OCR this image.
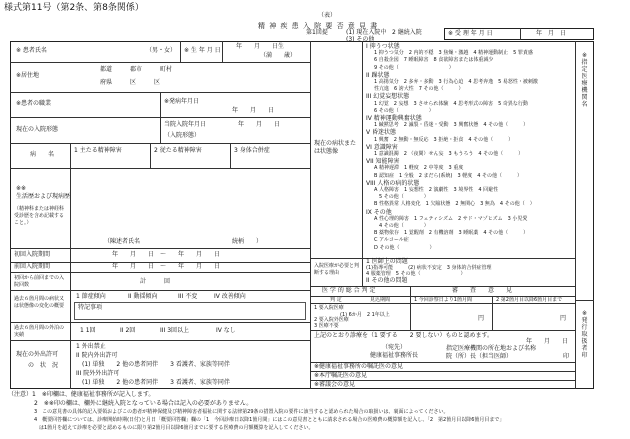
様式第11号（第2条、第8条関係）
（表）
精 神 疾 患 入 院 要 否 意 見 書
第1回提	(1) 現在入院中 2 継続入院
(3) その他
※ 受 理 年 月 日	年　月　日
※ 患者氏名	（男・女） ※ 生 年 月 日
年　　月　　日生
（満　　歳）
※居住地
都道　　　郡市　　　町村
府県　　　区　　　区
※患者の職業	※発病年月日
年　　月　　日
現在の入院形態
当院入院年月日	年　　月　　日
（入院形態）
病　　名
1 主たる精神障害	2 従たる精神障害	3 身体合併症
※※
生活歴および現病歴
（精神科または神経科受診歴を含め記載すること。）
（陳述者氏名	続柄　　）
初回入院期間	年　　月　　日　〜　　年　　月　　日
前回入院期間	年　　月　　日　〜　　年　　月　　日
初回から前回までの入院回数	計　　　回
過去６箇月間の病状又は状態像の変化の概要
1 節症傾向	II 動揺傾向	III 不変	IV 改善傾向
特記事項
過去６箇月間の外泊の実績
1 1回	II 2回	III 3回以上	IV なし
現在の外出許可
の　状　況
1 外出禁止
II 院内外出許可
(1) 単独　　2 他の患者同伴　　3 看護者、家族等同伴
III 院外外出許可
(1) 単独　　2 他の患者同伴　　3 看護者、家族等同伴
現在の病状または状態像
I 抑うつ状態
1 抑うつ気分　2 内的不穏　3 焦燥・激越　4 精神運動制止　5 罪責感
6 自殺企図　7 睡眠障害　8 食欲障害または体重減少
9 その他（　　　　　　　　　　）
II 躁状態
1 高揚気分　2 多弁・多動　3 行為心迫　4 思考奔逸　5 易怒性・被刺激
性亢進　6 誇大性　7 その他（　　　）
III 幻覚妄想状態
1 幻覚　2 妄想　3 させられ体験　4 思考形式の障害　5 奇異な行動
6 その他（　　　　　　）
IV 精神運動興奮状態
1 緘黙思考　2 滅裂・昏迷・受動　3 興奮状態　4 その他（　　　）
V 昏迷状態
1 興奮　2 無動・無反応　3 拒絶・拒食　4 その他（　　　）
VI 意識障害
1 意識混濁　2 （夜間）せん妄　3 もうろう　4 その他（　　　）
VII 知能障害
A 精神遅滞　1 軽度　2 中等度　3 重度
B 認知症　1 全般　2 まだら(系統)　3 軽度　4 その他（　　　）
VIII 人格の病的状態
A 人格障害　1 妄想性　2 演劇性　3 境界性　4 回避性
　5 その他（　　　　）
B 性格異常 人格変化　1 欠陥状態　2 無関心　3 無為　4 その他（　）
IX その他
A 性心理的障害　1 フェティシズム　2 サド・マゾヒズム　3 小児愛
　4 その他（　　　　）
B 薬物依存　1 覚醒剤　2 有機溶剤　3 睡眠薬　4 その他（　　　）
C アルコール症
D その他（　　　　　　）
入院医療が必要と判断する理由
1 医師上の問題
(1)指導可能　　　(2) 病状不安定　3 身体的合併症管理
4 服薬管理　5 その他（　　　　　　　　）
II その他の問題
医 学 的 総 合 判 定	審　　査　　意　　見
判 定	見込期間
1 要入院医療
(1) 6か月　2 1年以上
2 要入院外医療
3 医療不要
1 今回診察日より1箇月間	2 第2箇月目以降6箇月目まで
円	円
上記のとおり診療を（1 要する　　2 要しない）ものと認めます。
年　　月　　日
（宛先）
健康福祉事務所長
指定医療機関の所在地および名称
院（所）長（担当医師）　　　　　　　　　印
※健康福祉事務所の嘱託医の意見
※本庁嘱託医の意見
※審議会の意見
※指定医療機関名
※発行取扱者印
（注意）1　※印欄は、健康福祉事務所が記入します。
2　※※印の欄は、欄外に継続入院となっている場合は記入の必要がありません。
3　この意見書の具体的記入要領およびこの患者が精神保健及び精神障害者福祉に関する法律第29条の措置入院の要件に該当すると認められた場合の取扱いは、裏面によってください。
4　概要回答欄については、診療開始時期(日付)と月日「概要回答欄」欄の「1　今回診療日以降1箇月間」にはこの意見書とともに請求される場合の医療費の概算額を記入し、「2　第2箇月目以降6箇月目まで」
　は1箇月を超えて診療を必要と認めるものに限り第2箇月目以降6箇月までに要する医療費の月額概算を記入してください。
